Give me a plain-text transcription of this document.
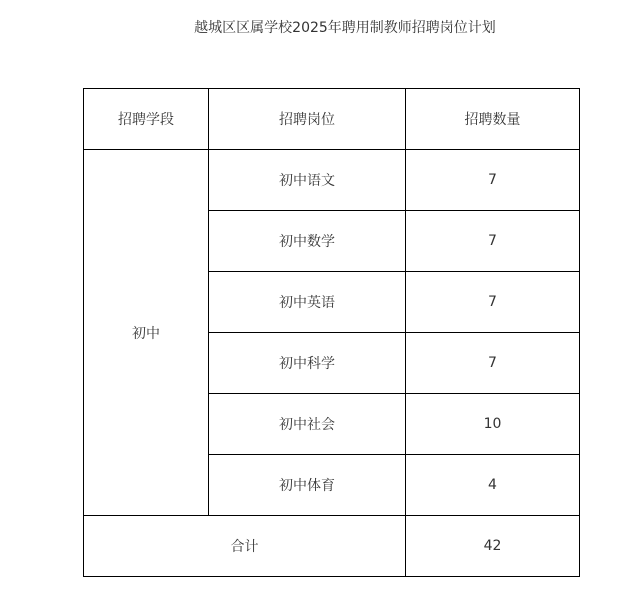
越城区区属学校2025年聘用制教师招聘岗位计划
招聘学段	招聘岗位	招聘数量
初中	初中语文	7
	初中数学	7
	初中英语	7
	初中科学	7
	初中社会	10
	初中体育	4
合计		42
